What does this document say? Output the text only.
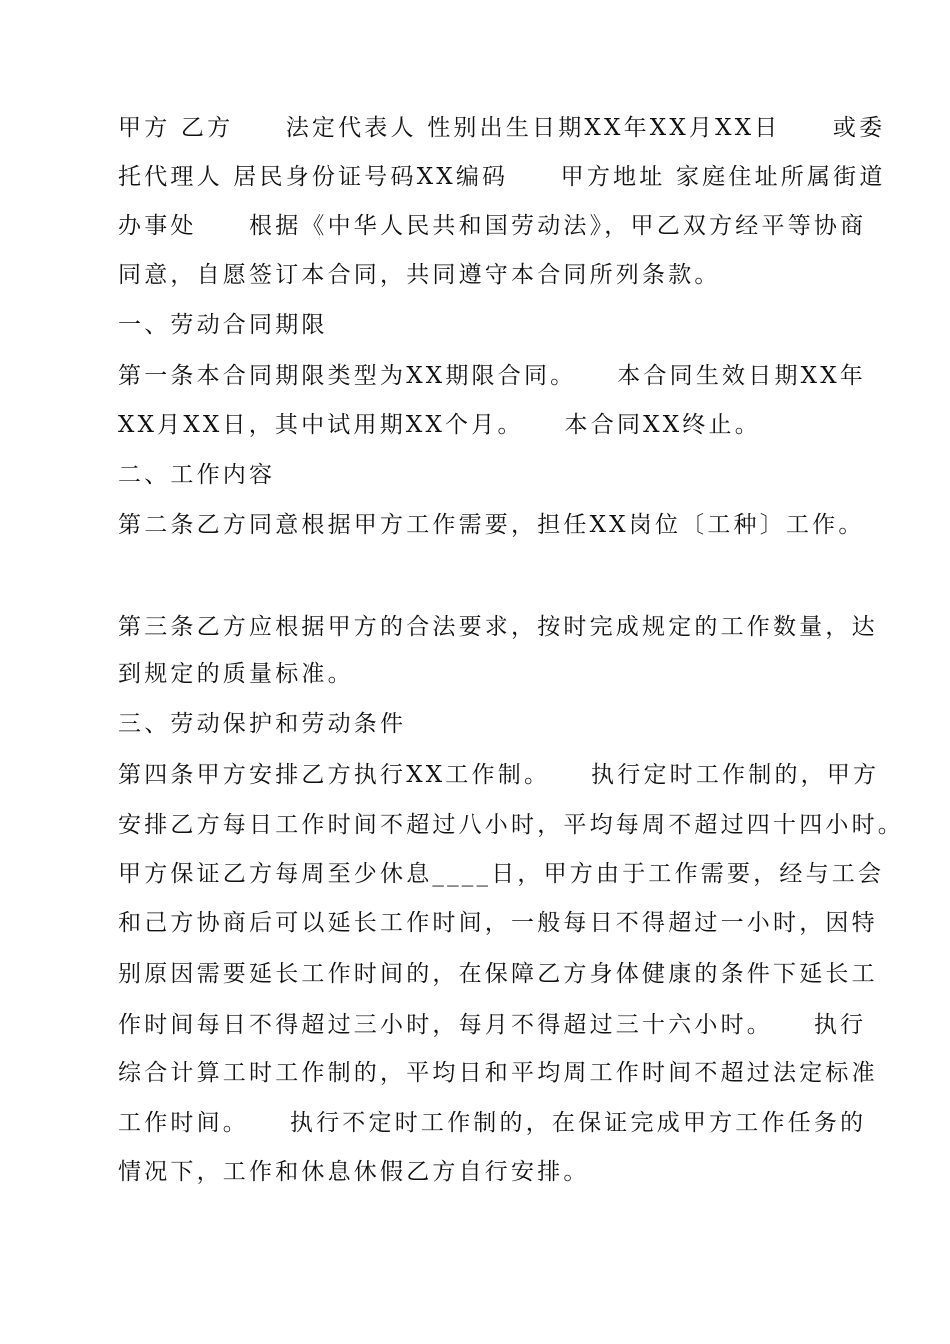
甲方 乙方　　法定代表人 性别出生日期XX年XX月XX日　　或委
托代理人 居民身份证号码XX编码　　甲方地址 家庭住址所属街道
办事处　　根据《中华人民共和国劳动法》，甲乙双方经平等协商
同意，自愿签订本合同，共同遵守本合同所列条款。
一、劳动合同期限
第一条本合同期限类型为XX期限合同。　　本合同生效日期XX年
XX月XX日，其中试用期XX个月。　　本合同XX终止。
二、工作内容
第二条乙方同意根据甲方工作需要，担任XX岗位〔工种〕工作。
第三条乙方应根据甲方的合法要求，按时完成规定的工作数量，达
到规定的质量标准。
三、劳动保护和劳动条件
第四条甲方安排乙方执行XX工作制。　　执行定时工作制的，甲方
安排乙方每日工作时间不超过八小时，平均每周不超过四十四小时。
甲方保证乙方每周至少休息____日，甲方由于工作需要，经与工会
和己方协商后可以延长工作时间，一般每日不得超过一小时，因特
别原因需要延长工作时间的，在保障乙方身体健康的条件下延长工
作时间每日不得超过三小时，每月不得超过三十六小时。　　执行
综合计算工时工作制的，平均日和平均周工作时间不超过法定标准
工作时间。　　执行不定时工作制的，在保证完成甲方工作任务的
情况下，工作和休息休假乙方自行安排。
